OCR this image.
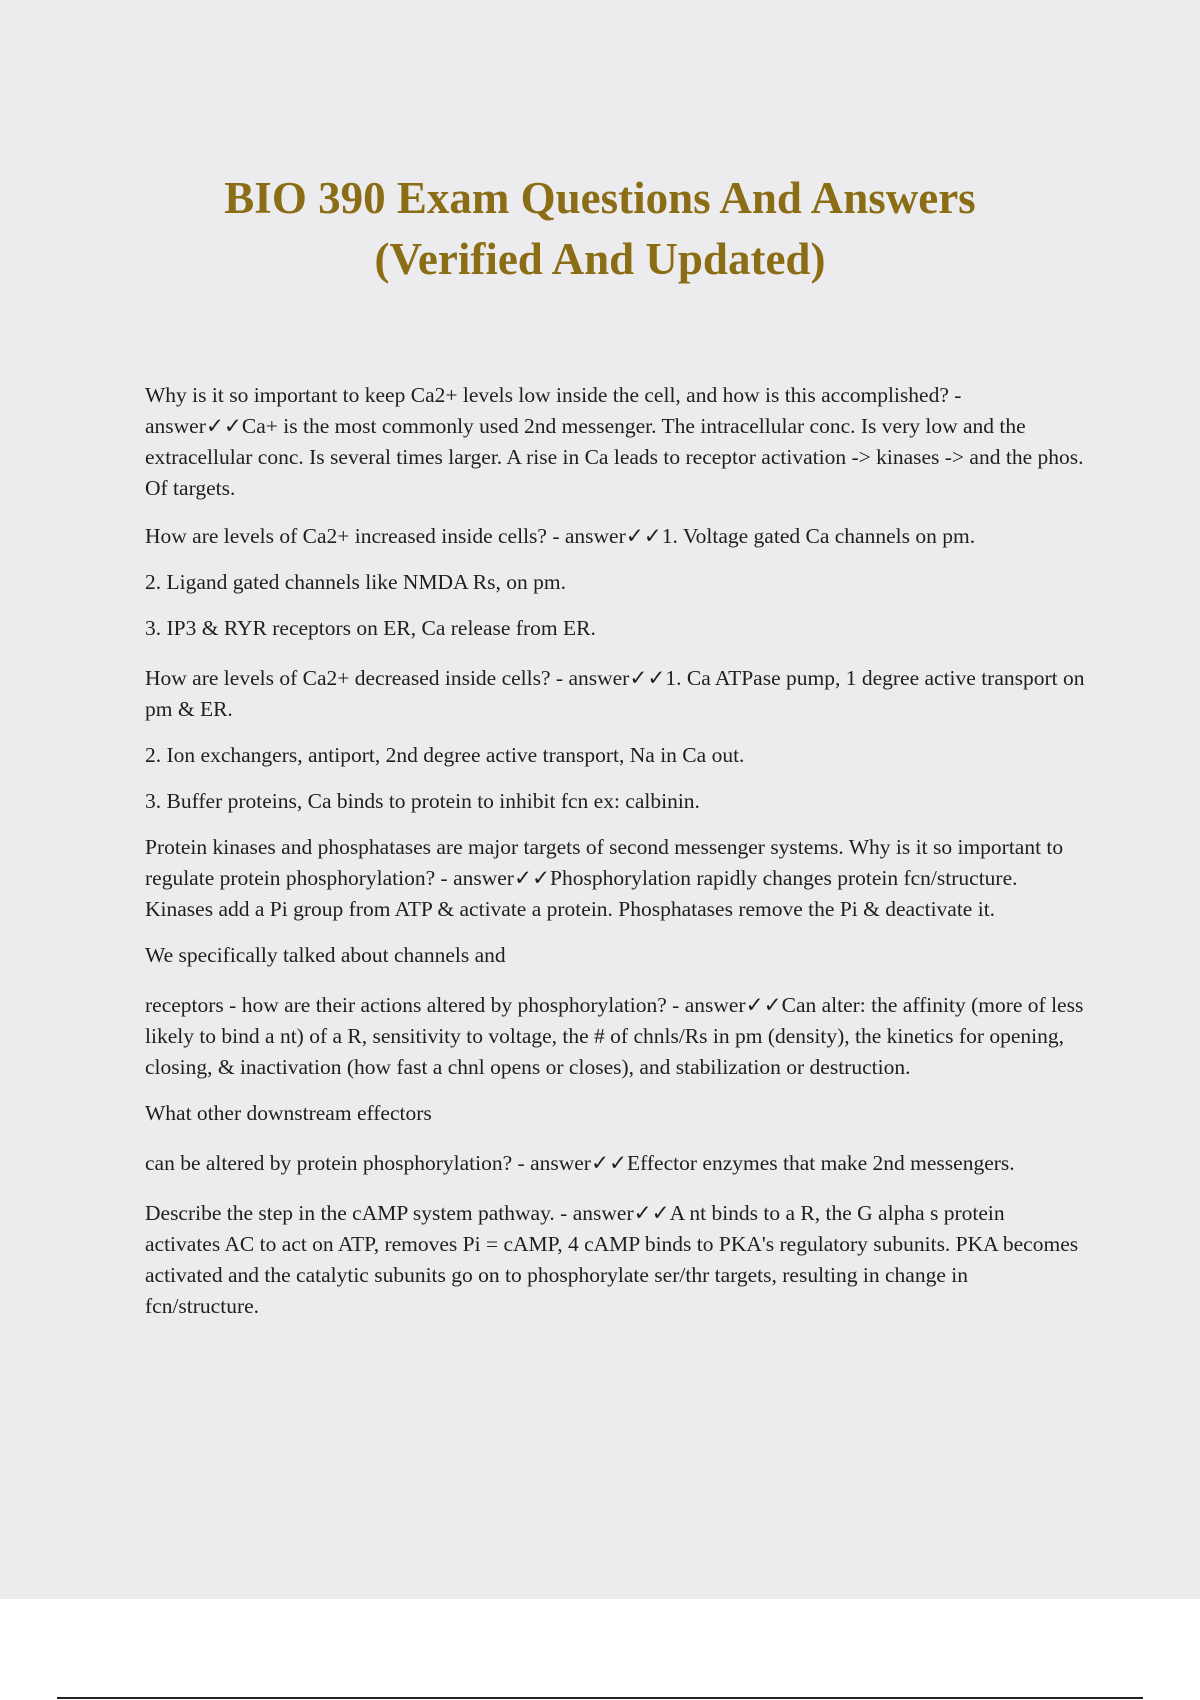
BIO 390 Exam Questions And Answers
(Verified And Updated)

Why is it so important to keep Ca2+ levels low inside the cell, and how is this accomplished? - answer✓✓Ca+ is the most commonly used 2nd messenger. The intracellular conc. Is very low and the extracellular conc. Is several times larger. A rise in Ca leads to receptor activation -> kinases -> and the phos. Of targets.

How are levels of Ca2+ increased inside cells? - answer✓✓1. Voltage gated Ca channels on pm.

2. Ligand gated channels like NMDA Rs, on pm.

3. IP3 & RYR receptors on ER, Ca release from ER.

How are levels of Ca2+ decreased inside cells? - answer✓✓1. Ca ATPase pump, 1 degree active transport on pm & ER.

2. Ion exchangers, antiport, 2nd degree active transport, Na in Ca out.

3. Buffer proteins, Ca binds to protein to inhibit fcn ex: calbinin.

Protein kinases and phosphatases are major targets of second messenger systems. Why is it so important to regulate protein phosphorylation? - answer✓✓Phosphorylation rapidly changes protein fcn/structure. Kinases add a Pi group from ATP & activate a protein. Phosphatases remove the Pi & deactivate it.

We specifically talked about channels and

receptors - how are their actions altered by phosphorylation? - answer✓✓Can alter: the affinity (more of less likely to bind a nt) of a R, sensitivity to voltage, the # of chnls/Rs in pm (density), the kinetics for opening, closing, & inactivation (how fast a chnl opens or closes), and stabilization or destruction.

What other downstream effectors

can be altered by protein phosphorylation? - answer✓✓Effector enzymes that make 2nd messengers.

Describe the step in the cAMP system pathway. - answer✓✓A nt binds to a R, the G alpha s protein activates AC to act on ATP, removes Pi = cAMP, 4 cAMP binds to PKA's regulatory subunits. PKA becomes activated and the catalytic subunits go on to phosphorylate ser/thr targets, resulting in change in fcn/structure.
